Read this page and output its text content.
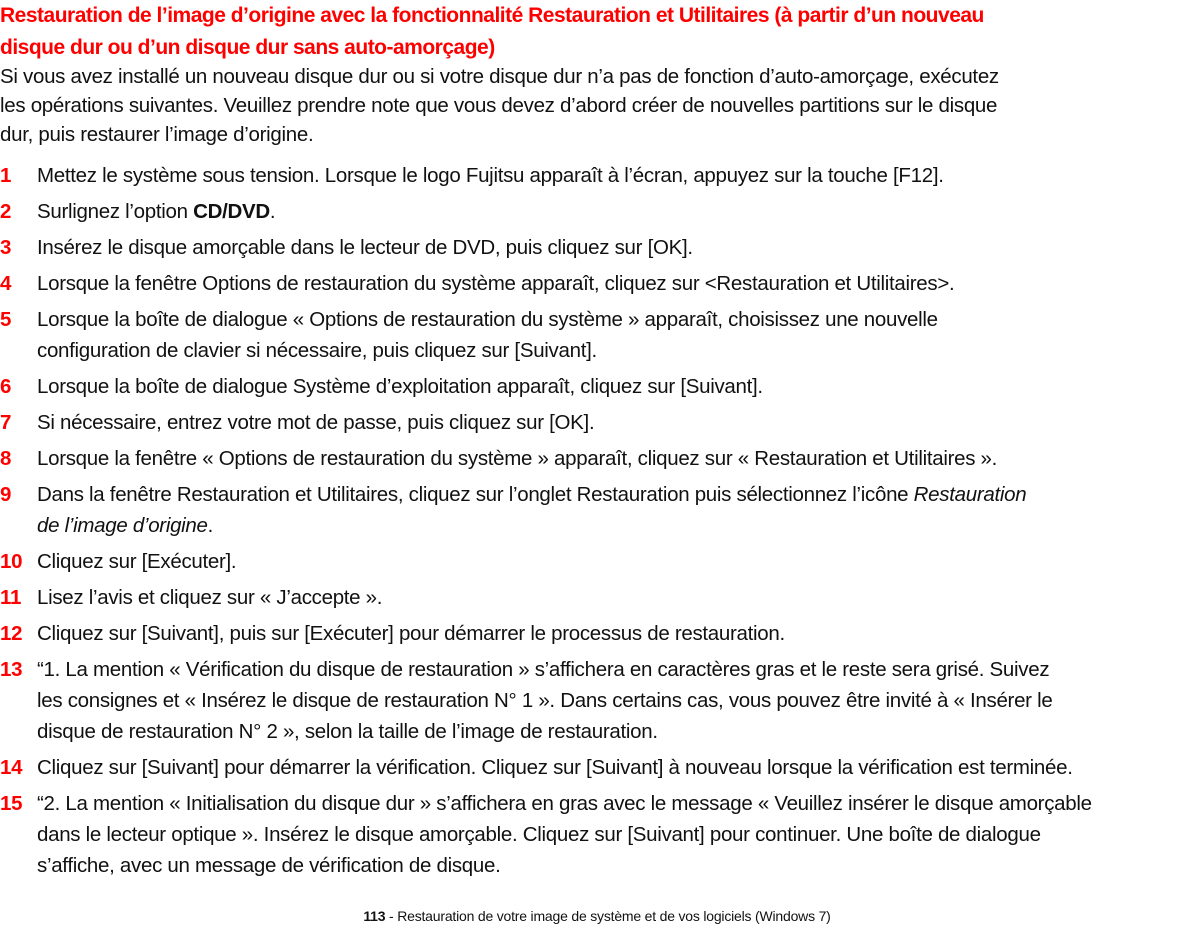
Restauration de l’image d’origine avec la fonctionnalité Restauration et Utilitaires (à partir d’un nouveau
disque dur ou d’un disque dur sans auto-amorçage)
Si vous avez installé un nouveau disque dur ou si votre disque dur n’a pas de fonction d’auto-amorçage, exécutez
les opérations suivantes. Veuillez prendre note que vous devez d’abord créer de nouvelles partitions sur le disque
dur, puis restaurer l’image d’origine.
1 Mettez le système sous tension. Lorsque le logo Fujitsu apparaît à l’écran, appuyez sur la touche [F12].
2 Surlignez l’option CD/DVD.
3 Insérez le disque amorçable dans le lecteur de DVD, puis cliquez sur [OK].
4 Lorsque la fenêtre Options de restauration du système apparaît, cliquez sur <Restauration et Utilitaires>.
5 Lorsque la boîte de dialogue « Options de restauration du système » apparaît, choisissez une nouvelle
configuration de clavier si nécessaire, puis cliquez sur [Suivant].
6 Lorsque la boîte de dialogue Système d’exploitation apparaît, cliquez sur [Suivant].
7 Si nécessaire, entrez votre mot de passe, puis cliquez sur [OK].
8 Lorsque la fenêtre « Options de restauration du système » apparaît, cliquez sur « Restauration et Utilitaires ».
9 Dans la fenêtre Restauration et Utilitaires, cliquez sur l’onglet Restauration puis sélectionnez l’icône Restauration
de l’image d’origine.
10 Cliquez sur [Exécuter].
11 Lisez l’avis et cliquez sur « J’accepte ».
12 Cliquez sur [Suivant], puis sur [Exécuter] pour démarrer le processus de restauration.
13 “1. La mention « Vérification du disque de restauration » s’affichera en caractères gras et le reste sera grisé. Suivez
les consignes et « Insérez le disque de restauration N° 1 ». Dans certains cas, vous pouvez être invité à « Insérer le
disque de restauration N° 2 », selon la taille de l’image de restauration.
14 Cliquez sur [Suivant] pour démarrer la vérification. Cliquez sur [Suivant] à nouveau lorsque la vérification est terminée.
15 “2. La mention « Initialisation du disque dur » s’affichera en gras avec le message « Veuillez insérer le disque amorçable
dans le lecteur optique ». Insérez le disque amorçable. Cliquez sur [Suivant] pour continuer. Une boîte de dialogue
s’affiche, avec un message de vérification de disque.
113 - Restauration de votre image de système et de vos logiciels (Windows 7)
